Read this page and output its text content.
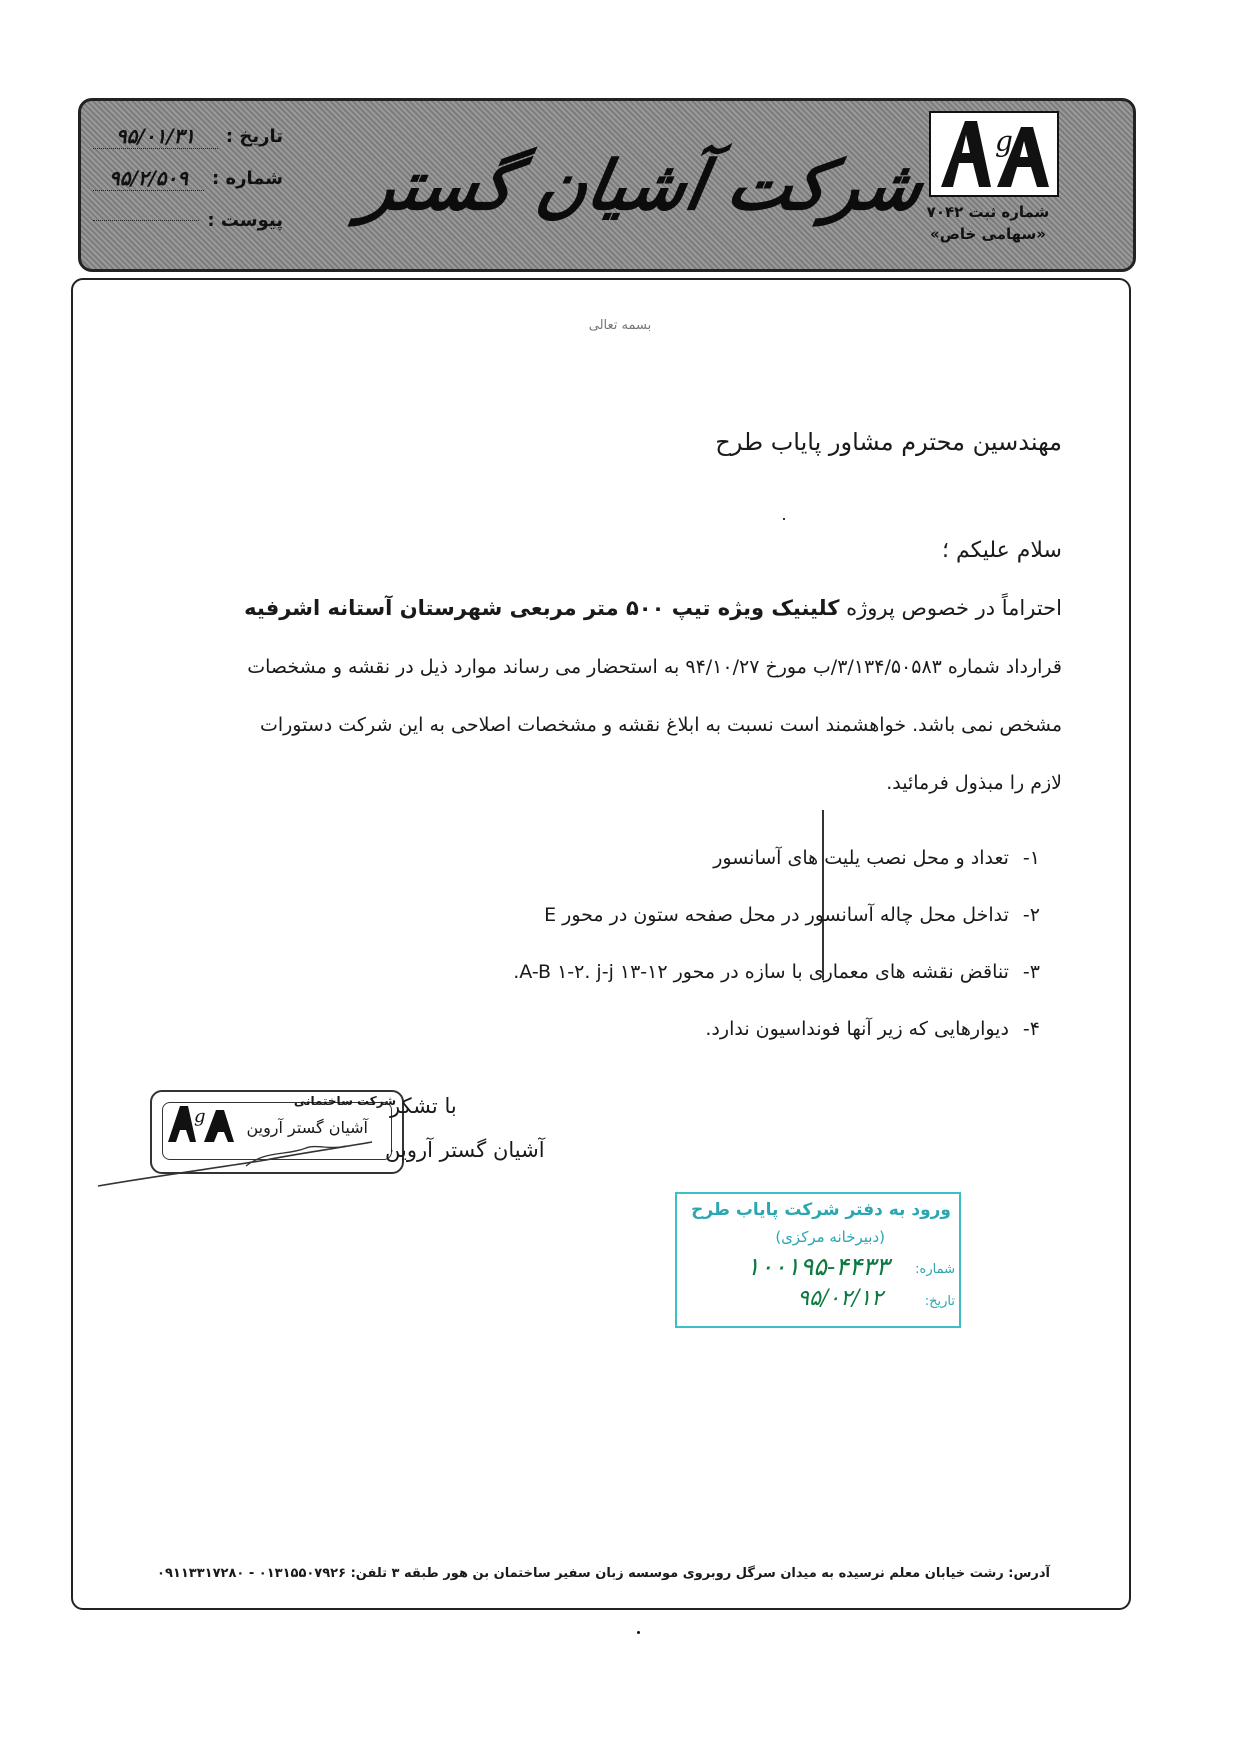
g
شماره ثبت ۷۰۴۲
«سهامی خاص»
شرکت آشیان گستر
تاریخ :
۹۵/۰۱/۳۱
شماره :
۹۵/۲/۵۰۹
پیوست :
بسمه تعالی
مهندسین محترم مشاور پایاب طرح
سلام علیکم ؛
احتراماً در خصوص پروژه کلینیک ویژه تیپ ۵۰۰ متر مربعی شهرستان آستانه اشرفیه
قرارداد شماره ۳/۱۳۴/۵۰۵۸۳/ب مورخ ۹۴/۱۰/۲۷ به استحضار می رساند موارد ذیل در نقشه و مشخصات
مشخص نمی باشد. خواهشمند است نسبت به ابلاغ نقشه و مشخصات اصلاحی به این شرکت دستورات
لازم را مبذول فرمائید.
۱-تعداد و محل نصب یلیت های آسانسور
۲-تداخل محل چاله آسانسور در محل صفحه ستون در محور E
۳-تناقض نقشه های معماری با سازه در محور A-B ۱-۲. j-j ۱۳-۱۲.
۴-دیوارهایی که زیر آنها فونداسیون ندارد.
شرکت ساختمانی
آشیان گستر آروین
g	با تشکر
آشیان گستر آروین
ورود به دفتر شرکت پایاب طرح
(دبیرخانه مرکزی)
شماره:
۱۰۰۱۹۵-۴۴۳۳
تاریخ:
۹۵/۰۲/۱۲
آدرس: رشت خیابان معلم نرسیده به میدان سرگل روبروی موسسه زبان سفیر ساختمان بن هور طبقه ۳ تلفن: ۰۱۳۱۵۵۰۷۹۲۶ - ۰۹۱۱۳۳۱۷۲۸۰
